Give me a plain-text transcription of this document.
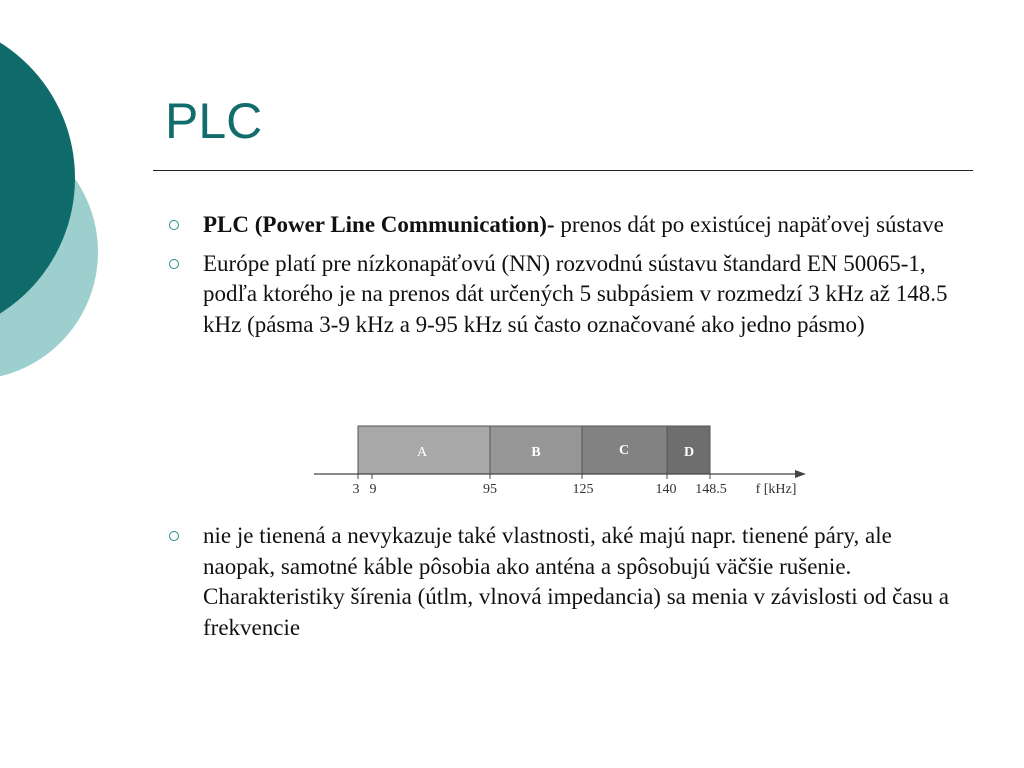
PLC
PLC (Power Line Communication)- prenos dát po existúcej napäťovej sústave
Európe platí pre nízkonapäťovú (NN) rozvodnú sústavu štandard EN 50065-1, podľa ktorého je na prenos dát určených 5 subpásiem v rozmedzí 3 kHz až 148.5 kHz (pásma 3-9 kHz a 9-95 kHz sú často označované ako jedno pásmo)
A	B	C	D
3 9	95	125	140 148.5 f [kHz]
nie je tienená a nevykazuje také vlastnosti, aké majú napr. tienené páry, ale naopak, samotné káble pôsobia ako anténa a spôsobujú väčšie rušenie. Charakteristiky šírenia (útlm, vlnová impedancia) sa menia v závislosti od času a frekvencie
